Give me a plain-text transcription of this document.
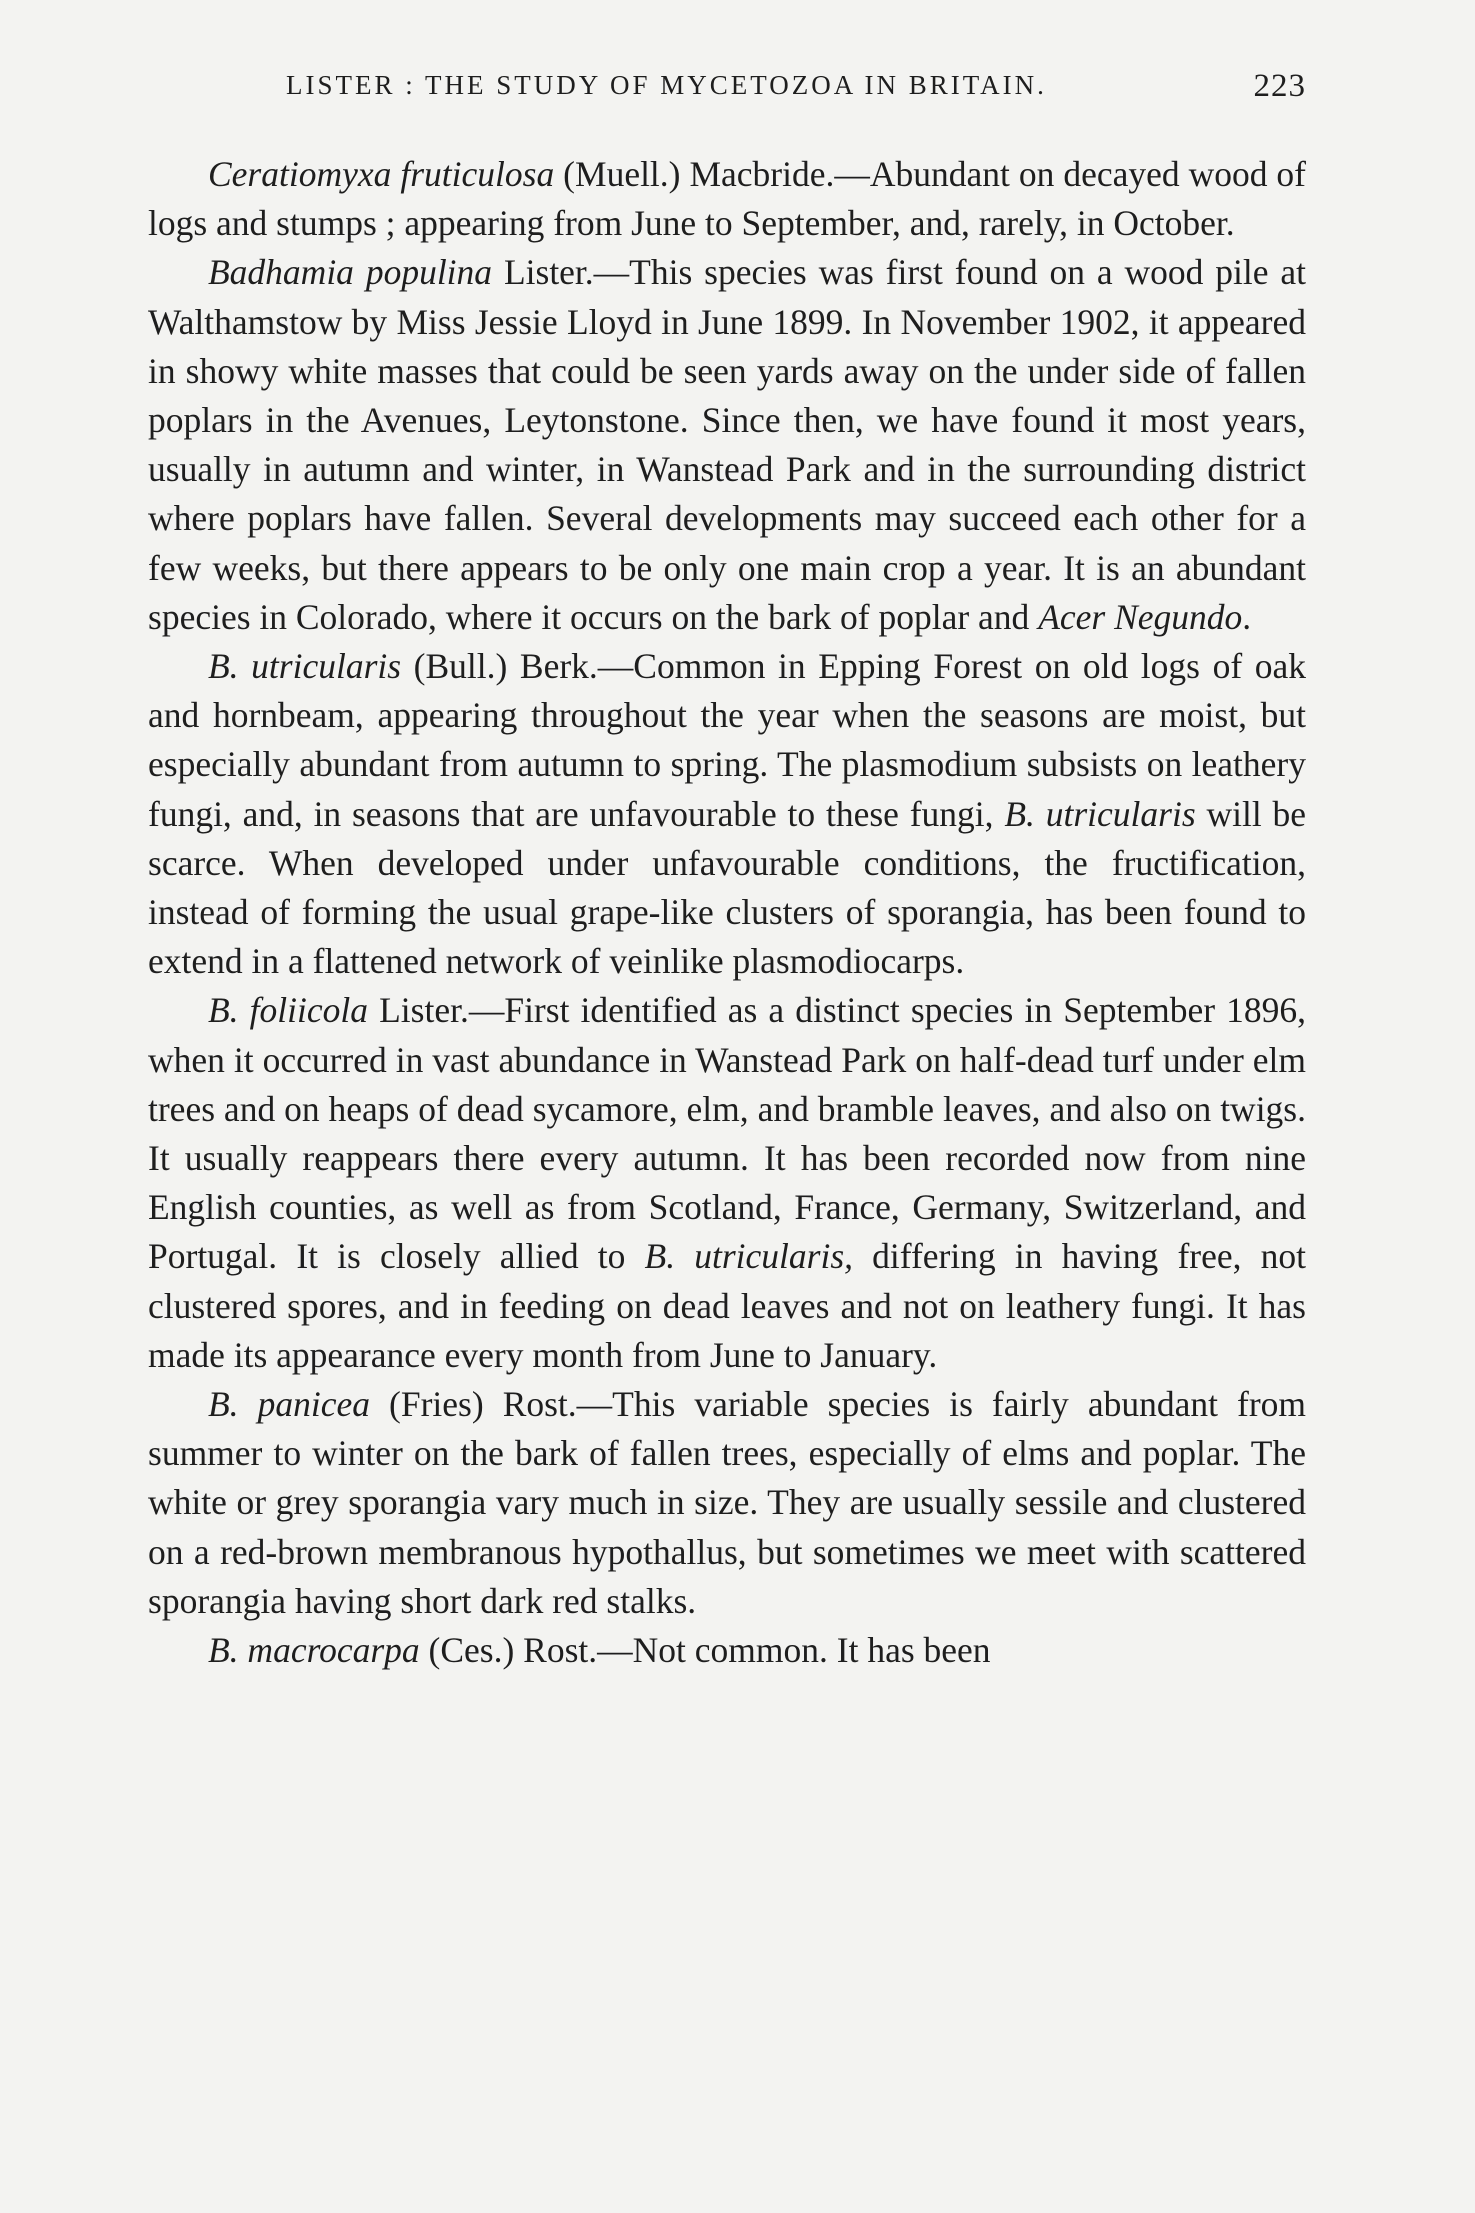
LISTER : THE STUDY OF MYCETOZOA IN BRITAIN.	223

Ceratiomyxa fruticulosa (Muell.) Macbride.—Abundant on decayed wood of logs and stumps ; appearing from June to September, and, rarely, in October.

Badhamia populina Lister.—This species was first found on a wood pile at Walthamstow by Miss Jessie Lloyd in June 1899. In November 1902, it appeared in showy white masses that could be seen yards away on the under side of fallen poplars in the Avenues, Leytonstone. Since then, we have found it most years, usually in autumn and winter, in Wanstead Park and in the surrounding district where poplars have fallen. Several developments may succeed each other for a few weeks, but there appears to be only one main crop a year. It is an abundant species in Colorado, where it occurs on the bark of poplar and Acer Negundo.

B. utricularis (Bull.) Berk.—Common in Epping Forest on old logs of oak and hornbeam, appearing throughout the year when the seasons are moist, but especially abundant from autumn to spring. The plasmodium subsists on leathery fungi, and, in seasons that are unfavourable to these fungi, B. utricularis will be scarce. When developed under unfavourable conditions, the fructification, instead of forming the usual grape-like clusters of sporangia, has been found to extend in a flattened network of veinlike plasmodiocarps.

B. foliicola Lister.—First identified as a distinct species in September 1896, when it occurred in vast abundance in Wanstead Park on half-dead turf under elm trees and on heaps of dead sycamore, elm, and bramble leaves, and also on twigs. It usually reappears there every autumn. It has been recorded now from nine English counties, as well as from Scotland, France, Germany, Switzerland, and Portugal. It is closely allied to B. utricularis, differing in having free, not clustered spores, and in feeding on dead leaves and not on leathery fungi. It has made its appearance every month from June to January.

B. panicea (Fries) Rost.—This variable species is fairly abundant from summer to winter on the bark of fallen trees, especially of elms and poplar. The white or grey sporangia vary much in size. They are usually sessile and clustered on a red-brown membranous hypothallus, but sometimes we meet with scattered sporangia having short dark red stalks.

B. macrocarpa (Ces.) Rost.—Not common. It has been
